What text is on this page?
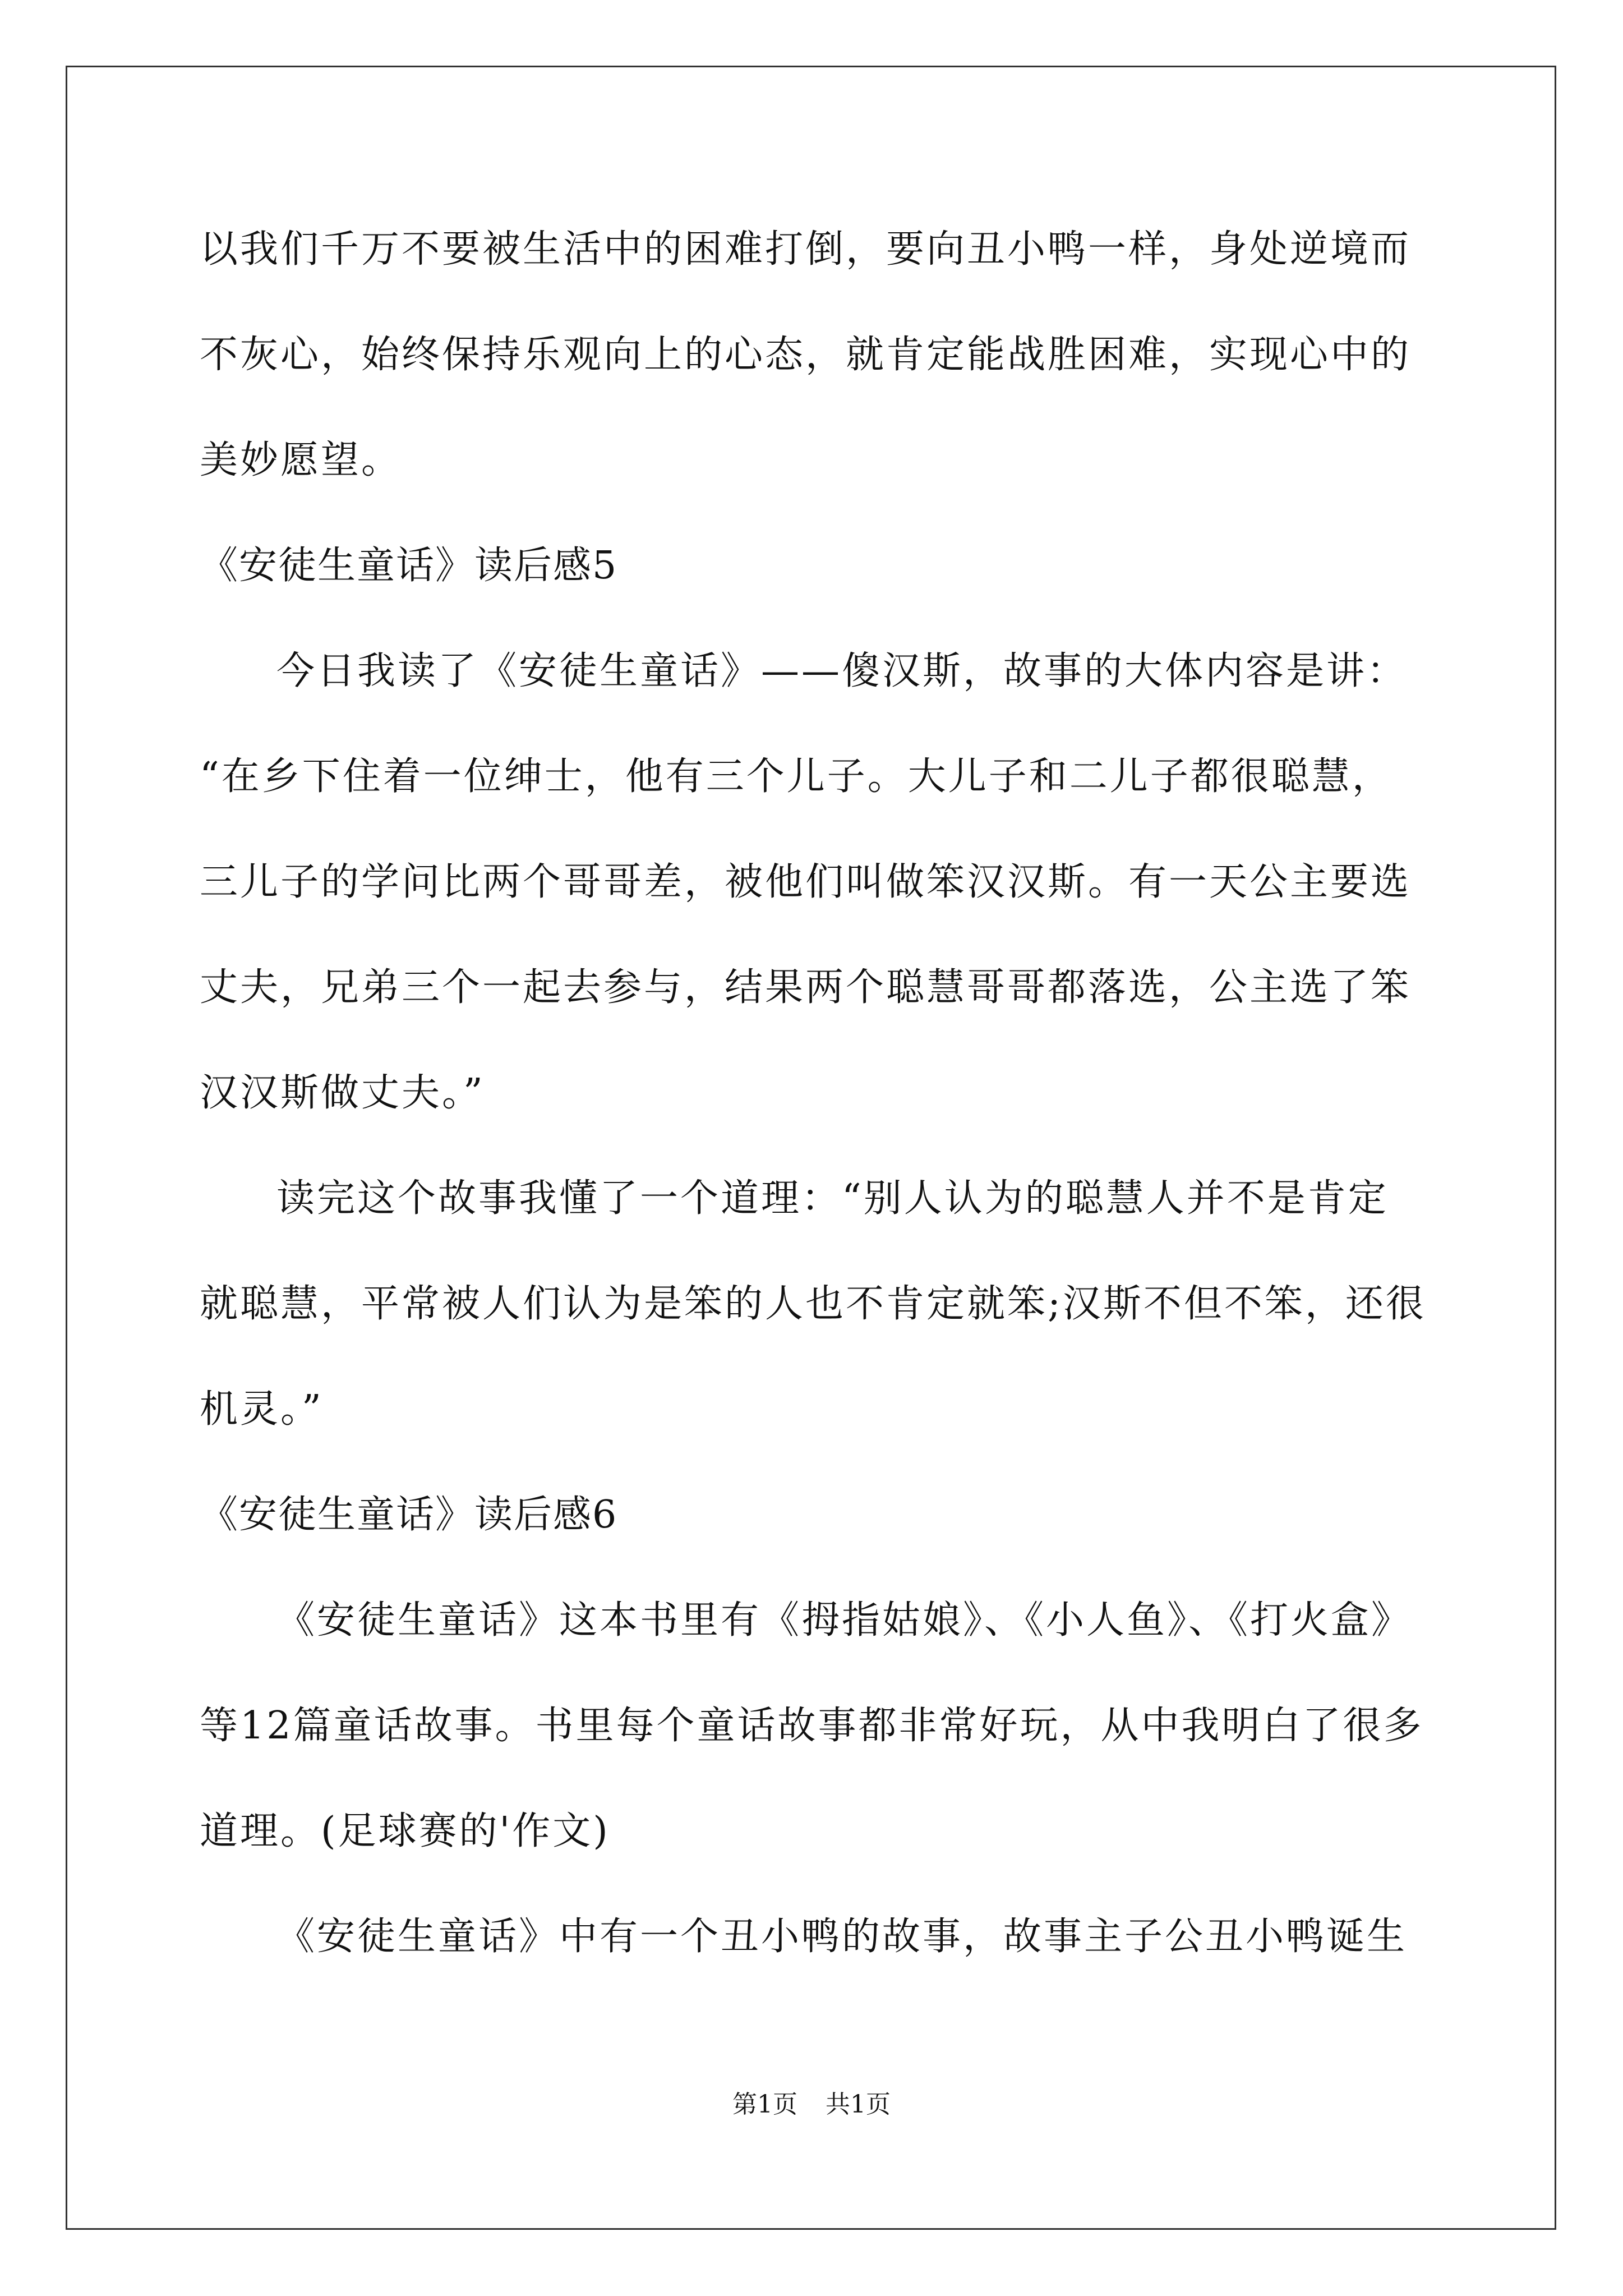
以我们千万不要被生活中的困难打倒，要向丑小鸭一样，身处逆境而
不灰心，始终保持乐观向上的心态，就肯定能战胜困难，实现心中的
美妙愿望。
《安徒生童话》读后感5
今日我读了《安徒生童话》——傻汉斯，故事的大体内容是讲：
“在乡下住着一位绅士，他有三个儿子。大儿子和二儿子都很聪慧，
三儿子的学问比两个哥哥差，被他们叫做笨汉汉斯。有一天公主要选
丈夫，兄弟三个一起去参与，结果两个聪慧哥哥都落选，公主选了笨
汉汉斯做丈夫。”
读完这个故事我懂了一个道理：“别人认为的聪慧人并不是肯定
就聪慧，平常被人们认为是笨的人也不肯定就笨;汉斯不但不笨，还很
机灵。”
《安徒生童话》读后感6
《安徒生童话》这本书里有《拇指姑娘》、《小人鱼》、《打火盒》
等12篇童话故事。书里每个童话故事都非常好玩，从中我明白了很多
道理。(足球赛的'作文)
《安徒生童话》中有一个丑小鸭的故事，故事主子公丑小鸭诞生
第1页 共1页
